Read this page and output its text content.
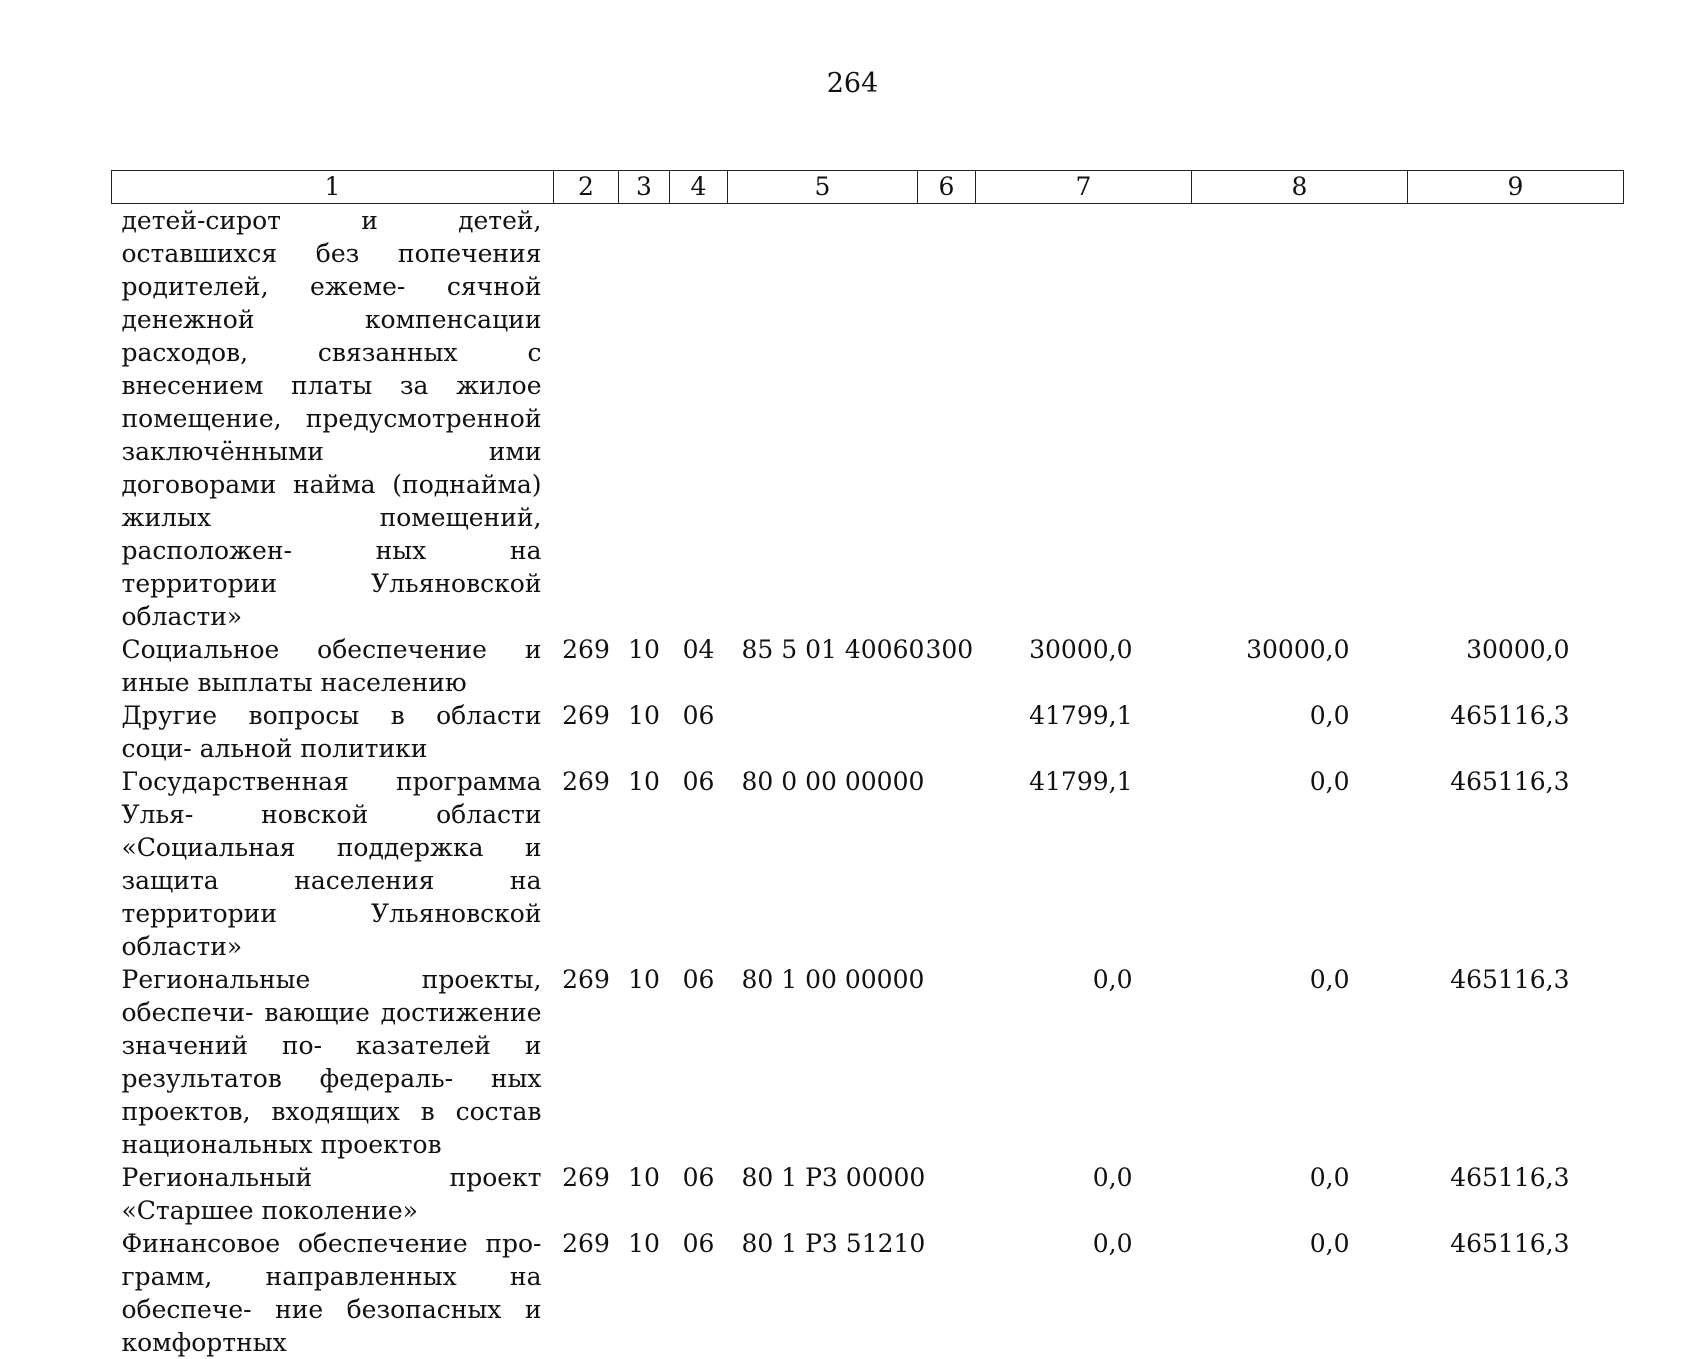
264
1	2	3	4	5	6	7	8	9
детей-сирот и детей, оставшихся без попечения родителей, ежеме- сячной денежной компенсации расходов, связанных с внесением платы за жилое помещение, предусмотренной заключёнными ими договорами найма (поднайма) жилых помещений, расположен- ных на территории Ульяновской области»								
Социальное обеспечение и иные выплаты населению	269	10	04	85 5 01 40060	300	30000,0	30000,0	30000,0
Другие вопросы в области соци- альной политики	269	10	06			41799,1	0,0	465116,3
Государственная программа Улья- новской области «Социальная поддержка и защита населения на территории Ульяновской области»	269	10	06	80 0 00 00000		41799,1	0,0	465116,3
Региональные проекты, обеспечи- вающие достижение значений по- казателей и результатов федераль- ных проектов, входящих в состав национальных проектов	269	10	06	80 1 00 00000		0,0	0,0	465116,3
Региональный проект «Старшее поколение»	269	10	06	80 1 P3 00000		0,0	0,0	465116,3
Финансовое обеспечение про- грамм, направленных на обеспече- ние безопасных и комфортных	269	10	06	80 1 P3 51210		0,0	0,0	465116,3
